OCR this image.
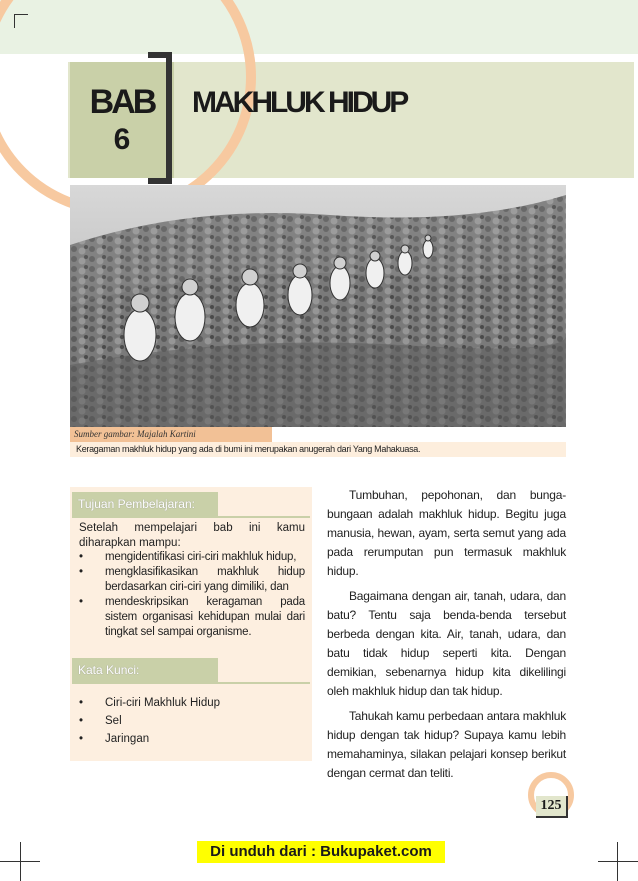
BAB
6
MAKHLUK HIDUP
Sumber gambar: Majalah Kartini
Keragaman makhluk hidup yang ada di bumi ini merupakan anugerah dari Yang Mahakuasa.
Tujuan Pembelajaran:
Setelah mempelajari bab ini kamu diharapkan mampu:
• mengidentifikasi ciri-ciri makhluk hidup,
• mengklasifikasikan makhluk hidup berdasarkan ciri-ciri yang dimiliki, dan
• mendeskripsikan keragaman pada sistem organisasi kehidupan mulai dari tingkat sel sampai organisme.
Kata Kunci:
• Ciri-ciri Makhluk Hidup
• Sel
• Jaringan

Tumbuhan, pepohonan, dan bunga-bungaan adalah makhluk hidup. Begitu juga manusia, hewan, ayam, serta semut yang ada pada rerumputan pun termasuk makhluk hidup.

Bagaimana dengan air, tanah, udara, dan batu? Tentu saja benda-benda tersebut berbeda dengan kita. Air, tanah, udara, dan batu tidak hidup seperti kita. Dengan demikian, sebenarnya hidup kita dikelilingi oleh makhluk hidup dan tak hidup.

Tahukah kamu perbedaan antara makhluk hidup dengan tak hidup? Supaya kamu lebih memahaminya, silakan pelajari konsep berikut dengan cermat dan teliti.

125
Di unduh dari : Bukupaket.com
